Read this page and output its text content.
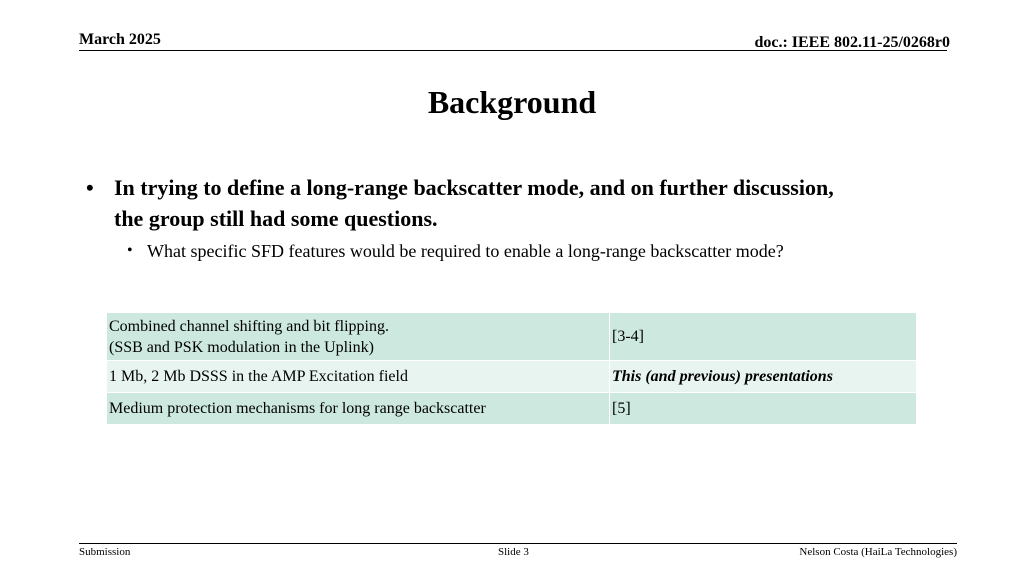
March 2025	doc.: IEEE 802.11-25/0268r0
Background
• In trying to define a long-range backscatter mode, and on further discussion, the group still had some questions.
• What specific SFD features would be required to enable a long-range backscatter mode?
Combined channel shifting and bit flipping.
(SSB and PSK modulation in the Uplink)	[3-4]
1 Mb, 2 Mb DSSS in the AMP Excitation field	This (and previous) presentations
Medium protection mechanisms for long range backscatter	[5]
Submission	Slide 3	Nelson Costa (HaiLa Technologies)
